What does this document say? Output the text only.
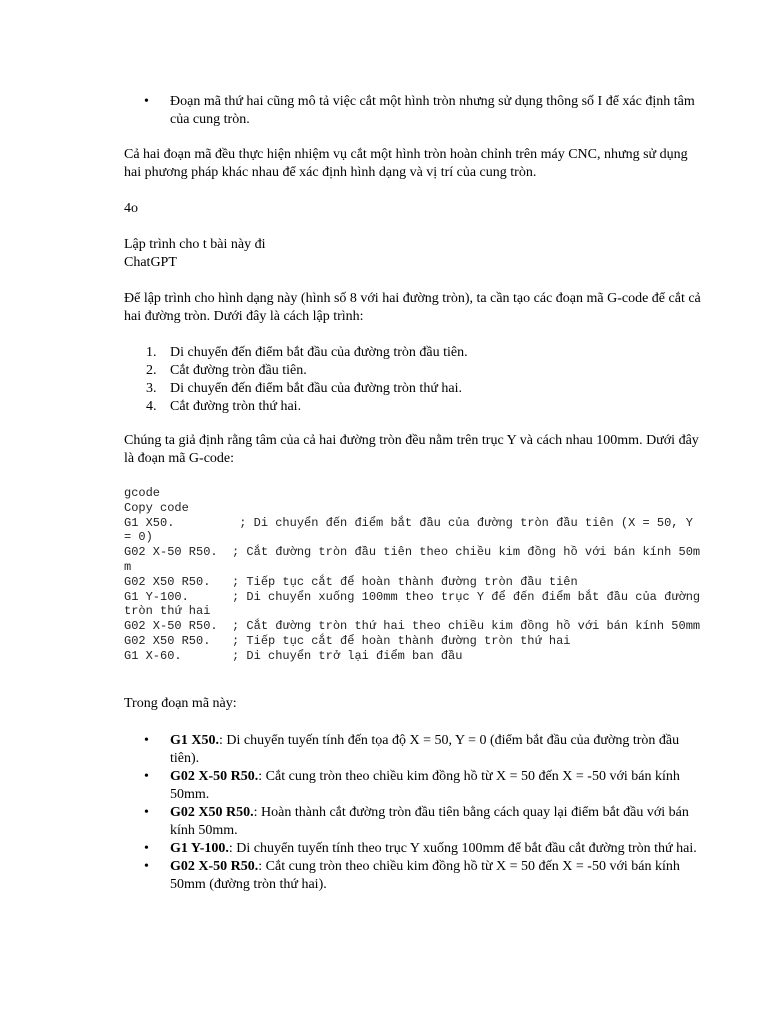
• Đoạn mã thứ hai cũng mô tả việc cắt một hình tròn nhưng sử dụng thông số I để xác định tâm của cung tròn.
Cả hai đoạn mã đều thực hiện nhiệm vụ cắt một hình tròn hoàn chỉnh trên máy CNC, nhưng sử dụng hai phương pháp khác nhau để xác định hình dạng và vị trí của cung tròn.
4o
Lập trình cho t bài này đi
ChatGPT
Để lập trình cho hình dạng này (hình số 8 với hai đường tròn), ta cần tạo các đoạn mã G-code để cắt cả hai đường tròn. Dưới đây là cách lập trình:
1. Di chuyển đến điểm bắt đầu của đường tròn đầu tiên.
2. Cắt đường tròn đầu tiên.
3. Di chuyển đến điểm bắt đầu của đường tròn thứ hai.
4. Cắt đường tròn thứ hai.
Chúng ta giả định rằng tâm của cả hai đường tròn đều nằm trên trục Y và cách nhau 100mm. Dưới đây là đoạn mã G-code:
gcode
Copy code
G1 X50.         ; Di chuyển đến điểm bắt đầu của đường tròn đầu tiên (X = 50, Y = 0)
G02 X-50 R50.  ; Cắt đường tròn đầu tiên theo chiều kim đồng hồ với bán kính 50mm
G02 X50 R50.   ; Tiếp tục cắt để hoàn thành đường tròn đầu tiên
G1 Y-100.      ; Di chuyển xuống 100mm theo trục Y để đến điểm bắt đầu của đường tròn thứ hai
G02 X-50 R50.  ; Cắt đường tròn thứ hai theo chiều kim đồng hồ với bán kính 50mm
G02 X50 R50.   ; Tiếp tục cắt để hoàn thành đường tròn thứ hai
G1 X-60.       ; Di chuyển trở lại điểm ban đầu
Trong đoạn mã này:
• G1 X50.: Di chuyển tuyến tính đến tọa độ X = 50, Y = 0 (điểm bắt đầu của đường tròn đầu tiên).
• G02 X-50 R50.: Cắt cung tròn theo chiều kim đồng hồ từ X = 50 đến X = -50 với bán kính 50mm.
• G02 X50 R50.: Hoàn thành cắt đường tròn đầu tiên bằng cách quay lại điểm bắt đầu với bán kính 50mm.
• G1 Y-100.: Di chuyển tuyến tính theo trục Y xuống 100mm để bắt đầu cắt đường tròn thứ hai.
• G02 X-50 R50.: Cắt cung tròn theo chiều kim đồng hồ từ X = 50 đến X = -50 với bán kính 50mm (đường tròn thứ hai).
